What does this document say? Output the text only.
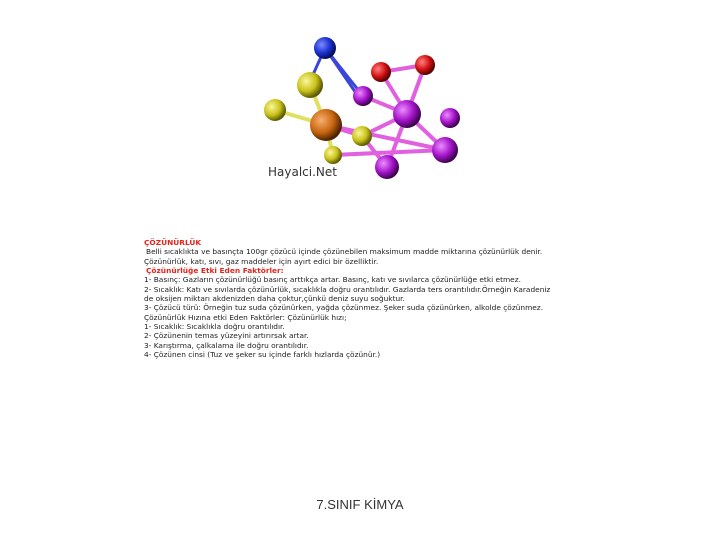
Hayalci.Net
ÇÖZÜNÜRLÜK
Belli sıcaklıkta ve basınçta 100gr çözücü içinde çözünebilen maksimum madde miktarına çözünürlük denir.
Çözünürlük, katı, sıvı, gaz maddeler için ayırt edici bir özelliktir.
Çözünürlüğe Etki Eden Faktörler:
1- Basınç: Gazların çözünürlüğü basınç arttıkça artar. Basınç, katı ve sıvılarca çözünürlüğe etki etmez.
2- Sıcaklık: Katı ve sıvılarda çözünürlük, sıcaklıkla doğru orantılıdır. Gazlarda ters orantılıdır.Örneğin Karadeniz
de oksijen miktarı akdenizden daha çoktur,çünkü deniz suyu soğuktur.
3- Çözücü türü: Örneğin tuz suda çözünürken, yağda çözünmez. Şeker suda çözünürken, alkolde çözünmez.
Çözünürlük Hızına etki Eden Faktörler: Çözünürlük hızı;
1- Sıcaklık: Sıcaklıkla doğru orantılıdır.
2- Çözünenin temas yüzeyini artırırsak artar.
3- Karıştırma, çalkalama ile doğru orantılıdır.
4- Çözünen cinsi (Tuz ve şeker su içinde farklı hızlarda çözünür.)
7.SINIF KİMYA
